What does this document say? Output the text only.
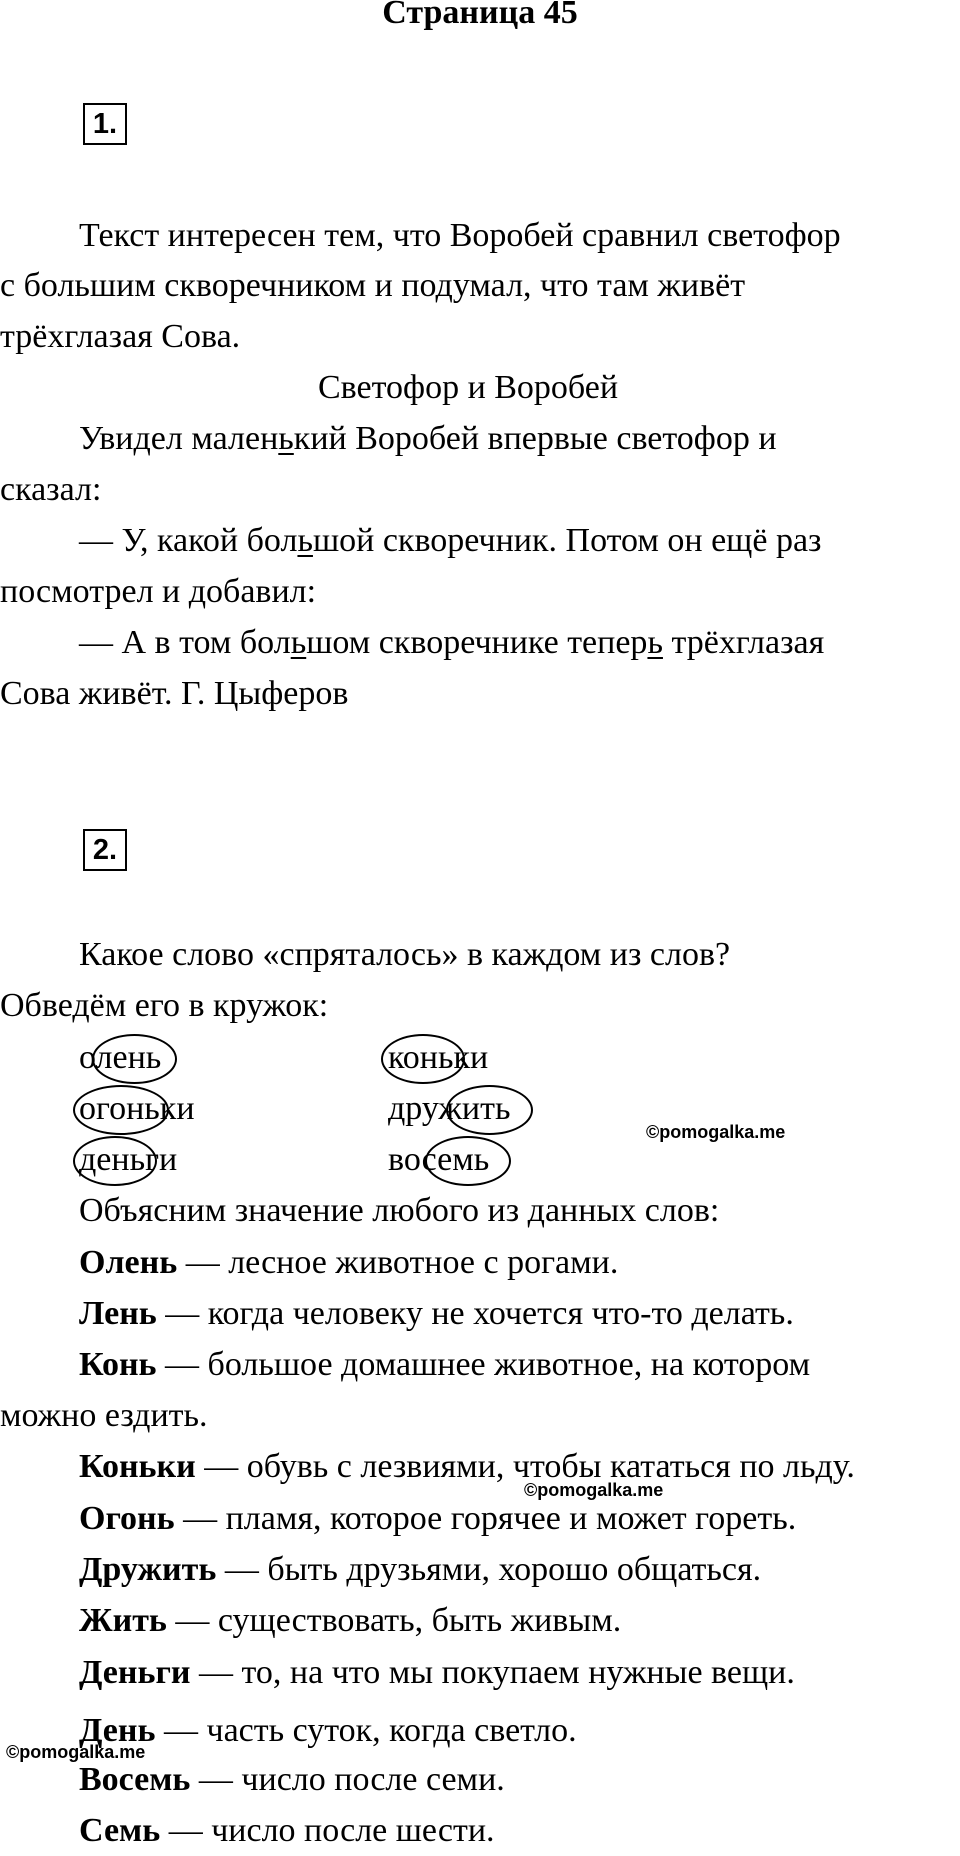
Страница 45
1.
Текст интересен тем, что Воробей сравнил светофор
с большим скворечником и подумал, что там живёт
трёхглазая Сова.
Светофор и Воробей
Увидел маленький Воробей впервые светофор и
сказал:
— У, какой большой скворечник. Потом он ещё раз
посмотрел и добавил:
— А в том большом скворечнике теперь трёхглазая
Сова живёт. Г. Цыферов
2.
Какое слово «спряталось» в каждом из слов?
Обведём его в кружок:
олень
огоньки
деньги
коньки
дружить
восемь
©pomogalka.me
Объясним значение любого из данных слов:
Олень — лесное животное с рогами.
Лень — когда человеку не хочется что-то делать.
Конь — большое домашнее животное, на котором
можно ездить.
Коньки — обувь с лезвиями, чтобы кататься по льду.
©pomogalka.me
Огонь — пламя, которое горячее и может гореть.
Дружить — быть друзьями, хорошо общаться.
Жить — существовать, быть живым.
Деньги — то, на что мы покупаем нужные вещи.
День — часть суток, когда светло.
©pomogalka.me
Восемь — число после семи.
Семь — число после шести.
